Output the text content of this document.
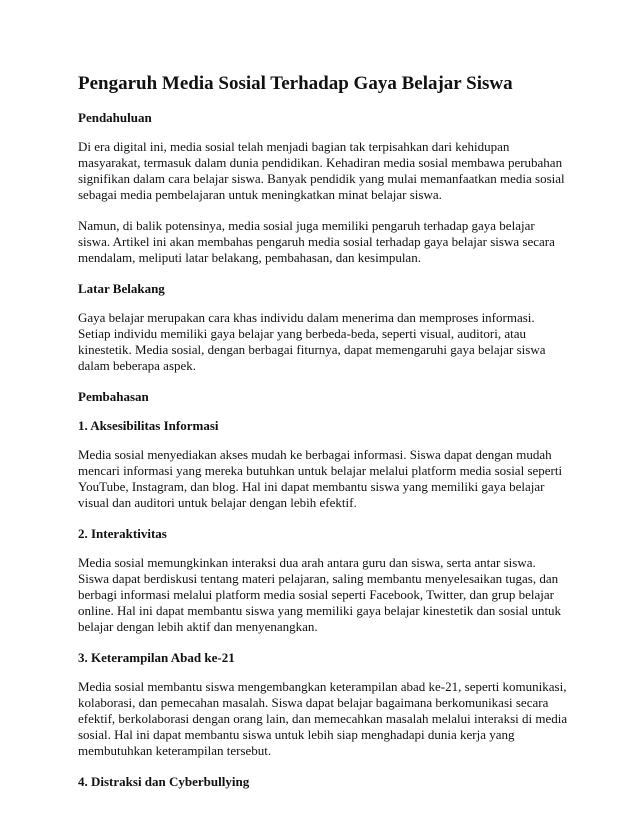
Pengaruh Media Sosial Terhadap Gaya Belajar Siswa
Pendahuluan

Di era digital ini, media sosial telah menjadi bagian tak terpisahkan dari kehidupan masyarakat, termasuk dalam dunia pendidikan. Kehadiran media sosial membawa perubahan signifikan dalam cara belajar siswa. Banyak pendidik yang mulai memanfaatkan media sosial sebagai media pembelajaran untuk meningkatkan minat belajar siswa.

Namun, di balik potensinya, media sosial juga memiliki pengaruh terhadap gaya belajar siswa. Artikel ini akan membahas pengaruh media sosial terhadap gaya belajar siswa secara mendalam, meliputi latar belakang, pembahasan, dan kesimpulan.

Latar Belakang

Gaya belajar merupakan cara khas individu dalam menerima dan memproses informasi. Setiap individu memiliki gaya belajar yang berbeda-beda, seperti visual, auditori, atau kinestetik. Media sosial, dengan berbagai fiturnya, dapat memengaruhi gaya belajar siswa dalam beberapa aspek.

Pembahasan
1. Aksesibilitas Informasi

Media sosial menyediakan akses mudah ke berbagai informasi. Siswa dapat dengan mudah mencari informasi yang mereka butuhkan untuk belajar melalui platform media sosial seperti YouTube, Instagram, dan blog. Hal ini dapat membantu siswa yang memiliki gaya belajar visual dan auditori untuk belajar dengan lebih efektif.

2. Interaktivitas

Media sosial memungkinkan interaksi dua arah antara guru dan siswa, serta antar siswa. Siswa dapat berdiskusi tentang materi pelajaran, saling membantu menyelesaikan tugas, dan berbagi informasi melalui platform media sosial seperti Facebook, Twitter, dan grup belajar online. Hal ini dapat membantu siswa yang memiliki gaya belajar kinestetik dan sosial untuk belajar dengan lebih aktif dan menyenangkan.

3. Keterampilan Abad ke-21

Media sosial membantu siswa mengembangkan keterampilan abad ke-21, seperti komunikasi, kolaborasi, dan pemecahan masalah. Siswa dapat belajar bagaimana berkomunikasi secara efektif, berkolaborasi dengan orang lain, dan memecahkan masalah melalui interaksi di media sosial. Hal ini dapat membantu siswa untuk lebih siap menghadapi dunia kerja yang membutuhkan keterampilan tersebut.

4. Distraksi dan Cyberbullying
